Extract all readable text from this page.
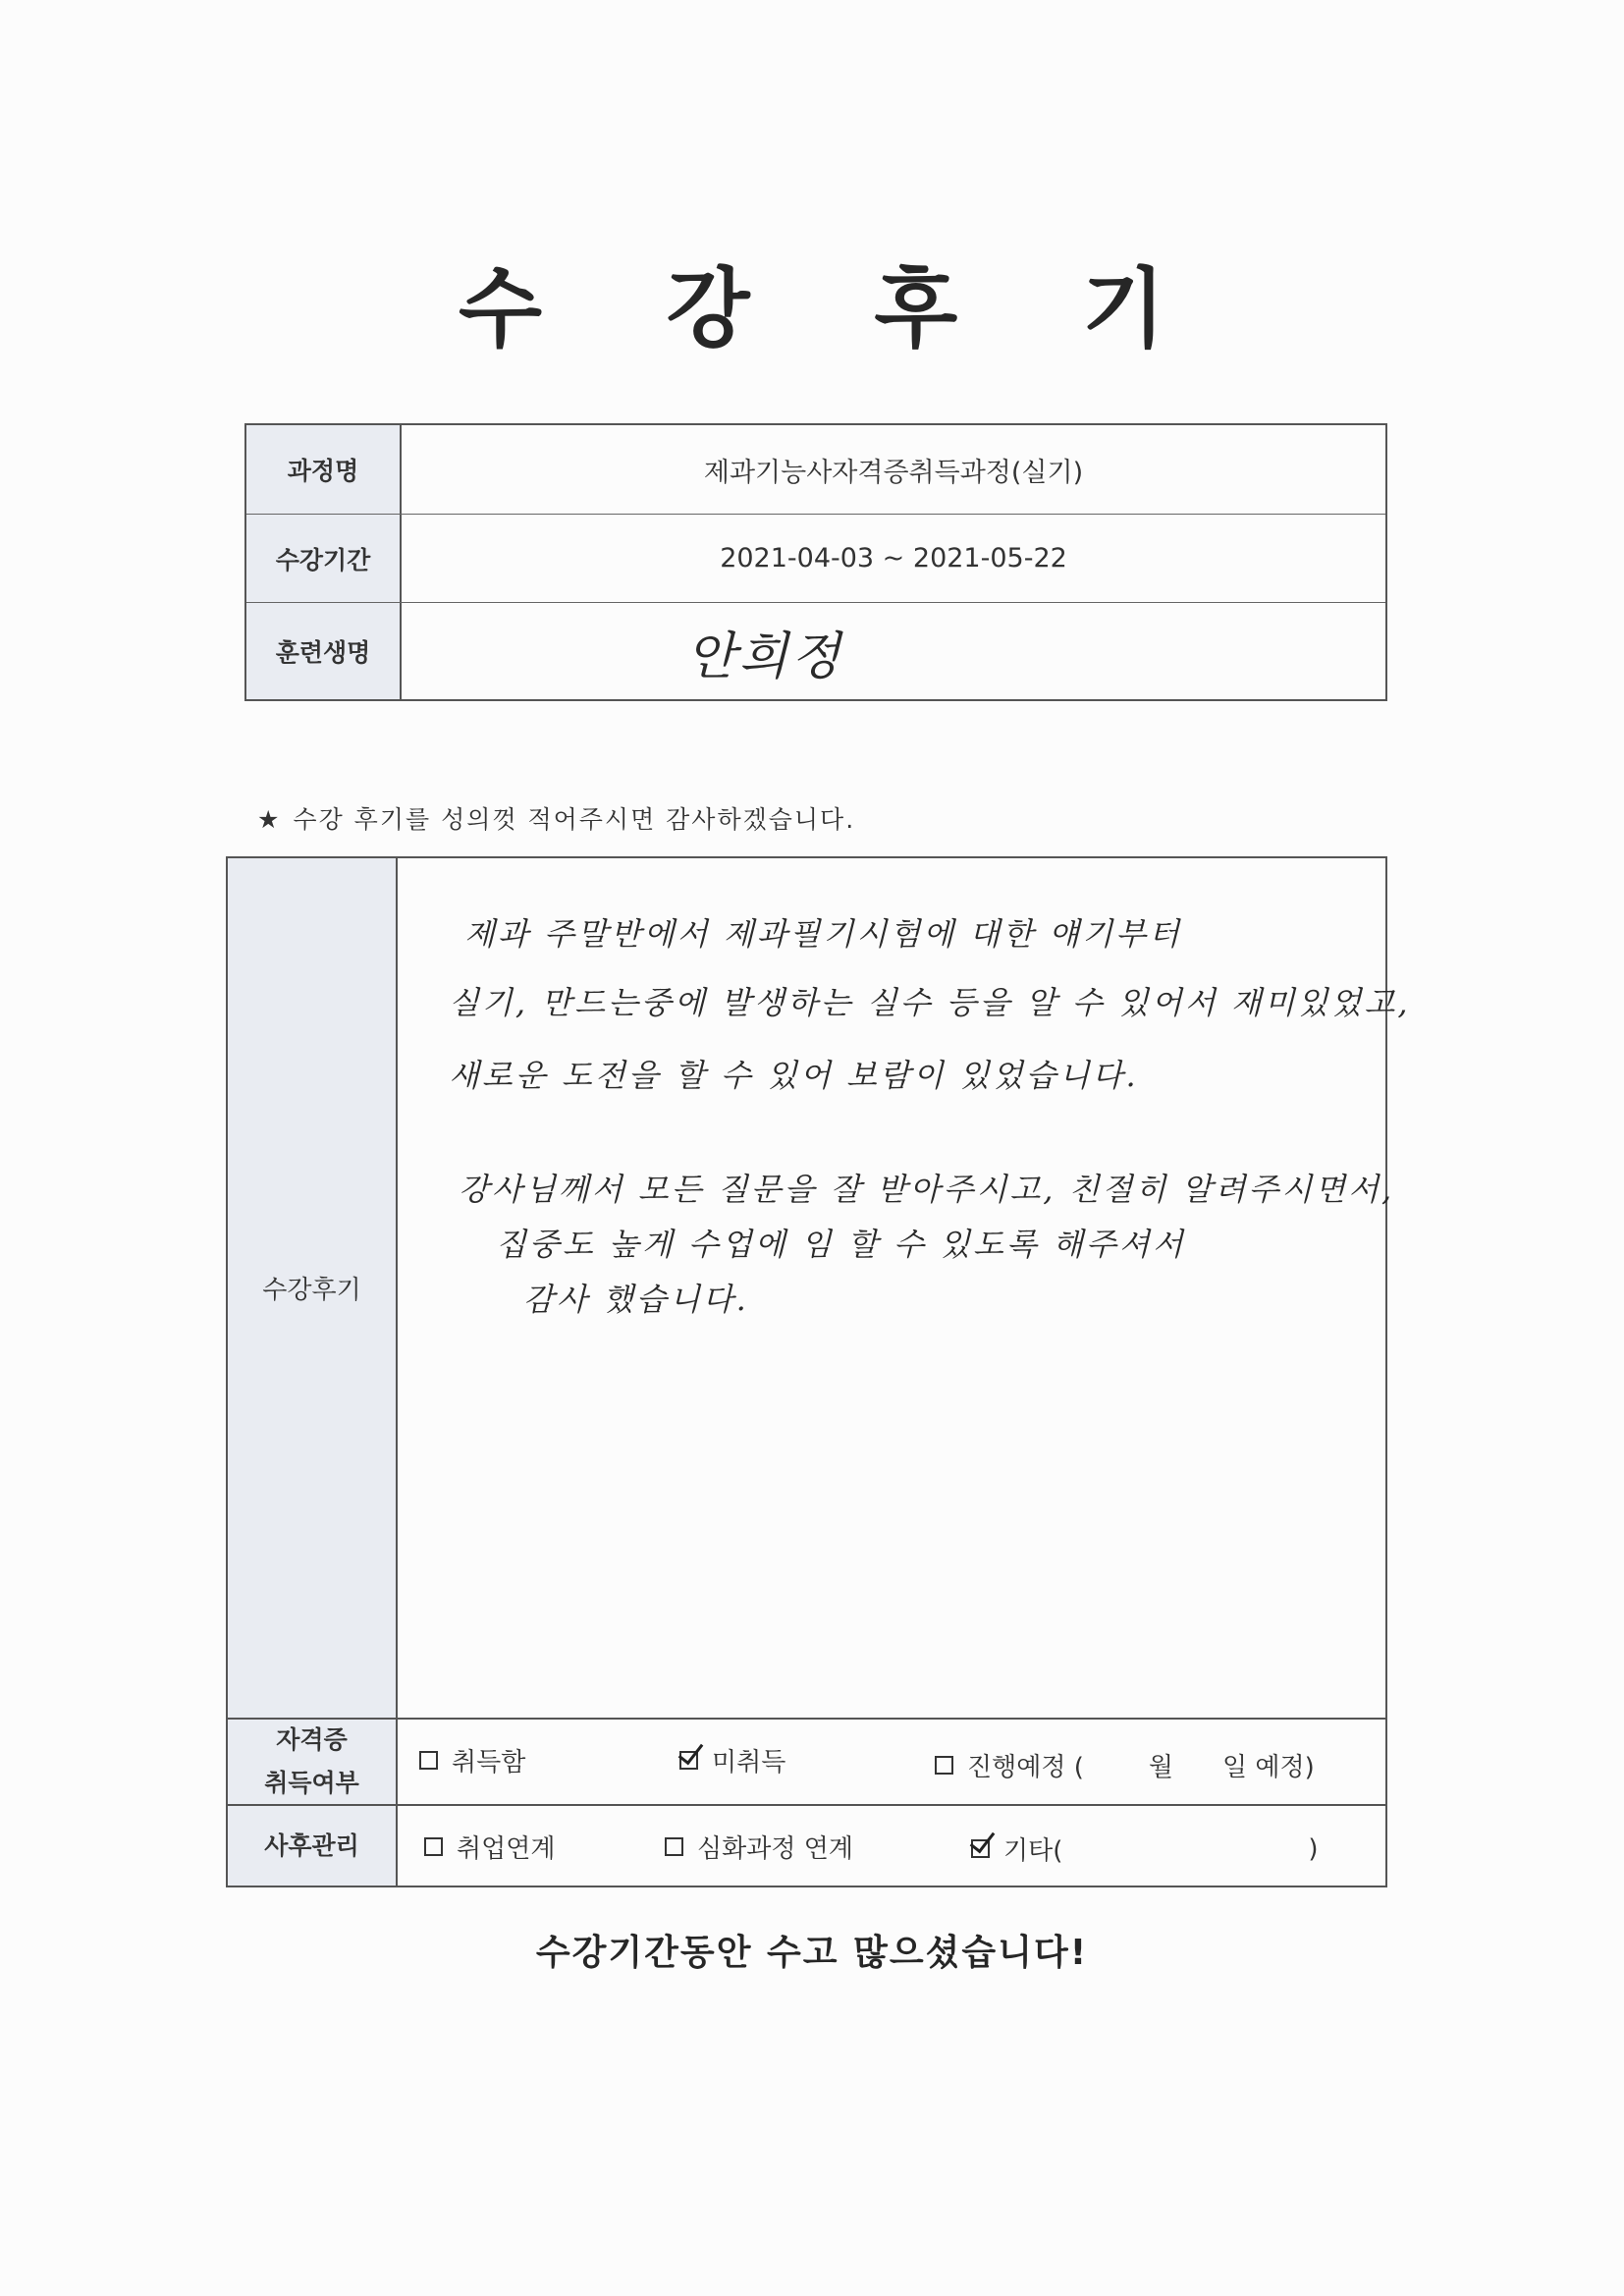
수 강 후 기
과정명	제과기능사자격증취득과정(실기)
수강기간	2021-04-03 ~ 2021-05-22
훈련생명	안희정
★ 수강 후기를 성의껏 적어주시면 감사하겠습니다.
수강후기
제과 주말반에서 제과필기시험에 대한 얘기부터
실기, 만드는중에 발생하는 실수 등을 알 수 있어서 재미있었고,
새로운 도전을 할 수 있어 보람이 있었습니다.
강사님께서 모든 질문을 잘 받아주시고, 친절히 알려주시면서,
집중도 높게 수업에 임 할 수 있도록 해주셔서
감사 했습니다.
자격증
취득여부
취득함	미취득	진행예정 (	월 일 예정)
사후관리	취업연계	심화과정 연계	기타(	)
수강기간동안 수고 많으셨습니다!
